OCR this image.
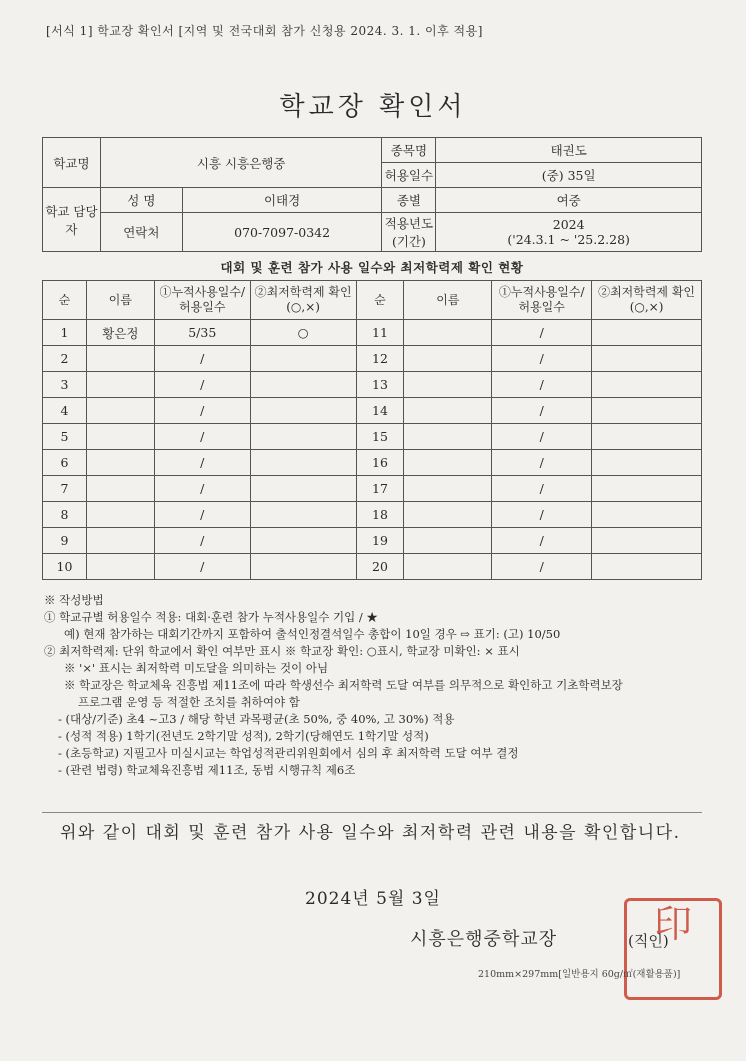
[서식 1] 학교장 확인서 [지역 및 전국대회 참가 신청용 2024. 3. 1. 이후 적용]
학교장 확인서
학교명	시흥 시흥은행중		종목명	태권도
			허용일수	(중) 35일
학교 담당자	성 명	이태경	종별	여중
	연락처	070-7097-0342	적용년도 (기간)	2024
('24.3.1 ~ '25.2.28)
대회 및 훈련 참가 사용 일수와 최저학력제 확인 현황
순	이름	①누적사용일수/ 허용일수	②최저학력제 확인(○,×)	순	이름	①누적사용일수/ 허용일수	②최저학력제 확인(○,×)
1	황은정	5/35	○	11		/	
2		/		12		/	
3		/		13		/	
4		/		14		/	
5		/		15		/	
6		/		16		/	
7		/		17		/	
8		/		18		/	
9		/		19		/	
10		/		20		/	
※ 작성방법
① 학교규별 허용일수 적용: 대회·훈련 참가 누적사용일수 기입 / ★
예) 현재 참가하는 대회기간까지 포함하여 출석인정결석일수 총합이 10일 경우 ⇨ 표기: (고) 10/50
② 최저학력제: 단위 학교에서 확인 여부만 표시 ※ 학교장 확인: ○표시, 학교장 미확인: × 표시
※ '×' 표시는 최저학력 미도달을 의미하는 것이 아님
※ 학교장은 학교체육 진흥법 제11조에 따라 학생선수 최저학력 도달 여부를 의무적으로 확인하고 기초학력보장
프로그램 운영 등 적절한 조치를 취하여야 함
- (대상/기준) 초4 ~고3 / 해당 학년 과목평균(초 50%, 중 40%, 고 30%) 적용
- (성적 적용) 1학기(전년도 2학기말 성적), 2학기(당해연도 1학기말 성적)
- (초등학교) 지필고사 미실시교는 학업성적관리위원회에서 심의 후 최저학력 도달 여부 결정
- (관련 법령) 학교체육진흥법 제11조, 동법 시행규칙 제6조
위와 같이 대회 및 훈련 참가 사용 일수와 최저학력 관련 내용을 확인합니다.
2024년 5월 3일
印
시흥은행중학교장	(직인)
210mm×297mm[일반용지 60g/㎡(재활용품)]
